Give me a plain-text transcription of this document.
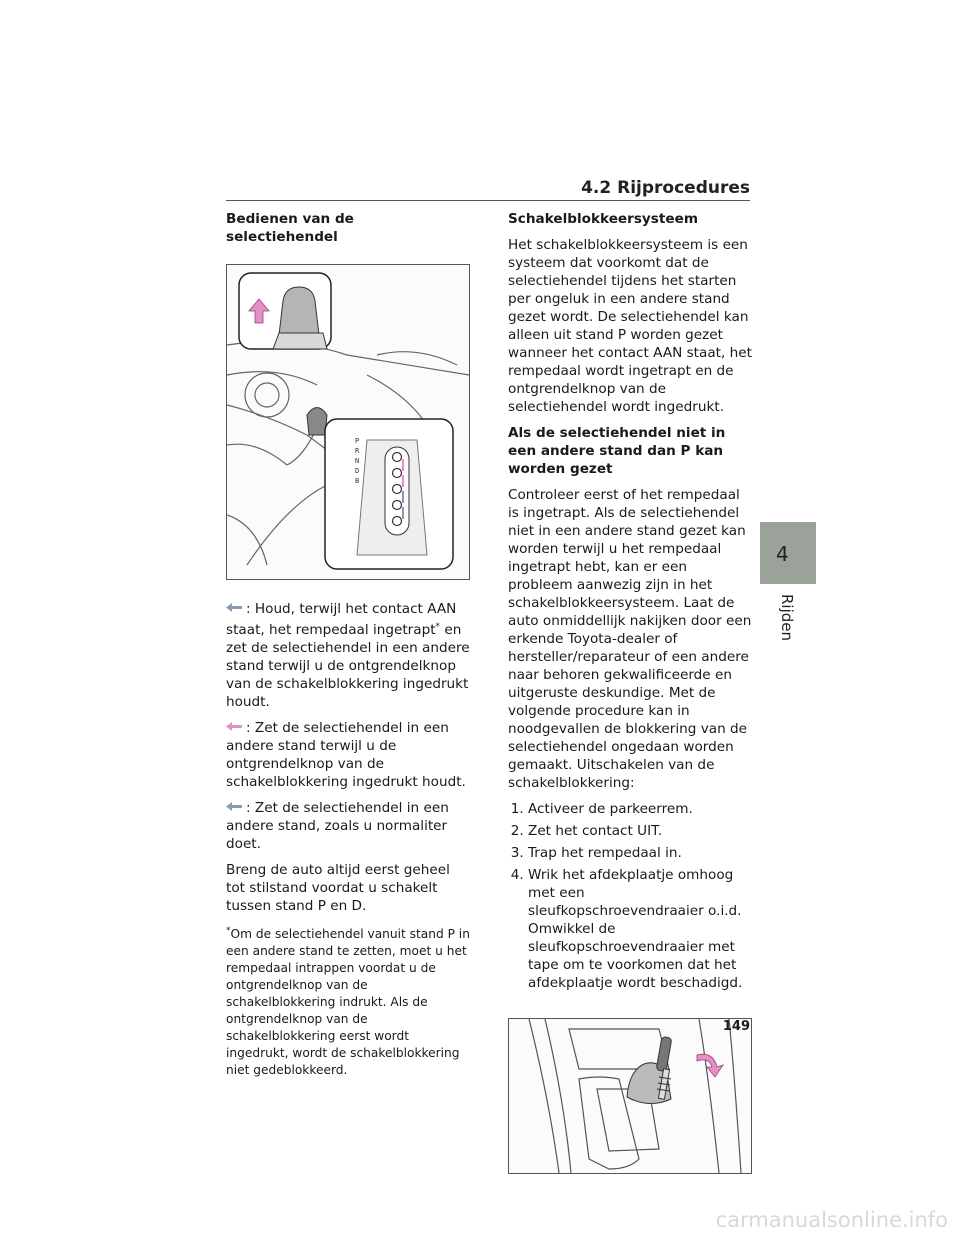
4.2 Rijprocedures
Bedienen van de selectiehendel
P
R
N
D
B
: Houd, terwijl het contact AAN staat, het rempedaal ingetrapt* en zet de selectiehendel in een andere stand terwijl u de ontgrendelknop van de schakelblokkering ingedrukt houdt.
: Zet de selectiehendel in een andere stand terwijl u de ontgrendelknop van de schakelblokkering ingedrukt houdt.
: Zet de selectiehendel in een andere stand, zoals u normaliter doet.
Breng de auto altijd eerst geheel tot stilstand voordat u schakelt tussen stand P en D.
*Om de selectiehendel vanuit stand P in een andere stand te zetten, moet u het rempedaal intrappen voordat u de ontgrendelknop van de schakelblokkering indrukt. Als de ontgrendelknop van de schakelblokkering eerst wordt ingedrukt, wordt de schakelblokkering niet gedeblokkeerd.
Schakelblokkeersysteem
Het schakelblokkeersysteem is een systeem dat voorkomt dat de selectiehendel tijdens het starten per ongeluk in een andere stand gezet wordt. De selectiehendel kan alleen uit stand P worden gezet wanneer het contact AAN staat, het rempedaal wordt ingetrapt en de ontgrendelknop van de selectiehendel wordt ingedrukt.
Als de selectiehendel niet in een andere stand dan P kan worden gezet
Controleer eerst of het rempedaal is ingetrapt. Als de selectiehendel niet in een andere stand gezet kan worden terwijl u het rempedaal ingetrapt hebt, kan er een probleem aanwezig zijn in het schakelblokkeersysteem. Laat de auto onmiddellijk nakijken door een erkende Toyota-dealer of hersteller/reparateur of een andere naar behoren gekwalificeerde en uitgeruste deskundige. Met de volgende procedure kan in noodgevallen de blokkering van de selectiehendel ongedaan worden gemaakt. Uitschakelen van de schakelblokkering:
1. Activeer de parkeerrem.
2. Zet het contact UIT.
3. Trap het rempedaal in.
4. Wrik het afdekplaatje omhoog met een sleufkopschroevendraaier o.i.d. Omwikkel de sleufkopschroevendraaier met tape om te voorkomen dat het afdekplaatje wordt beschadigd.
4
Rijden
149
carmanualsonline.info
